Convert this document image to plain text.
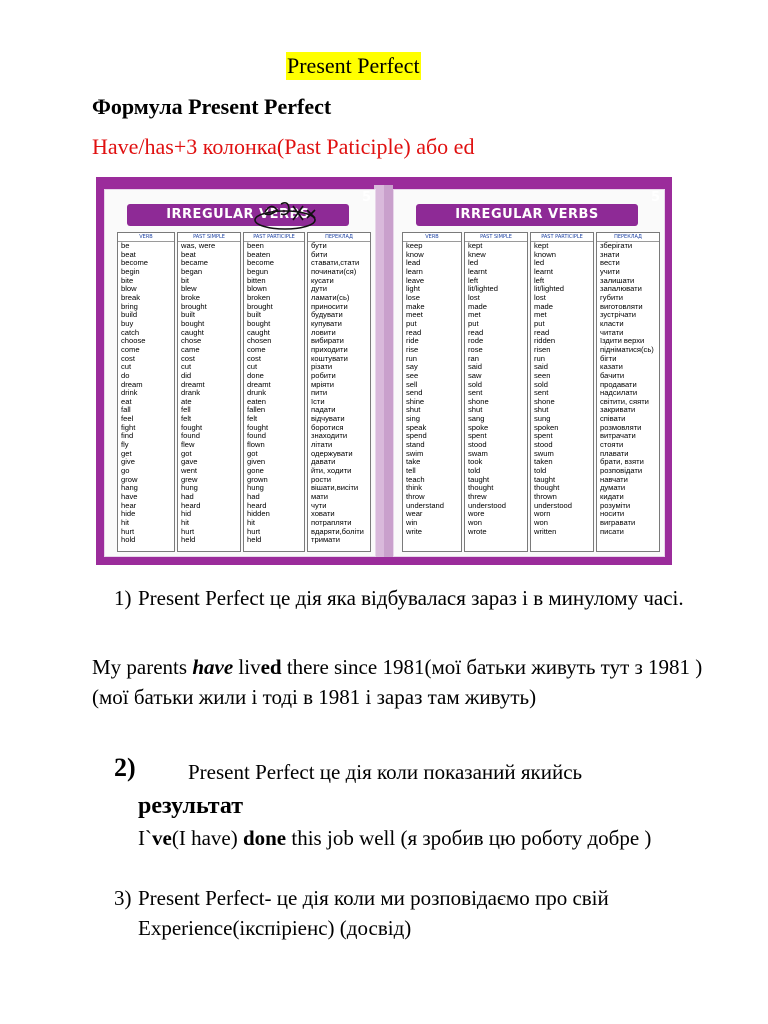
Present Perfect
Формула Present Perfect
Have/has+3 колонка(Past Paticiple) або ed
IRREGULAR VERBS
5
VERB
be
beat
become
begin
bite
blow
break
bring
build
buy
catch
choose
come
cost
cut
do
dream
drink
eat
fall
feel
fight
find
fly
get
give
go
grow
hang
have
hear
hide
hit
hurt
hold
PAST SIMPLE
was, were
beat
became
began
bit
blew
broke
brought
built
bought
caught
chose
came
cost
cut
did
dreamt
drank
ate
fell
felt
fought
found
flew
got
gave
went
grew
hung
had
heard
hid
hit
hurt
held
PAST PARTICIPLE
been
beaten
become
begun
bitten
blown
broken
brought
built
bought
caught
chosen
come
cost
cut
done
dreamt
drunk
eaten
fallen
felt
fought
found
flown
got
given
gone
grown
hung
had
heard
hidden
hit
hurt
held
ПЕРЕКЛАД
бути
бити
ставати,стати
починати(ся)
кусати
дути
ламати(сь)
приносити
будувати
купувати
ловити
вибирати
приходити
коштувати
різати
робити
мріяти
пити
їсти
падати
відчувати
боротися
знаходити
літати
одержувати
давати
йти, ходити
рости
вішати,висіти
мати
чути
ховати
потрапляти
вдаряти,боліти
тримати
IRREGULAR VERBS
5
VERB
keep
know
lead
learn
leave
light
lose
make
meet
put
read
ride
rise
run
say
see
sell
send
shine
shut
sing
speak
spend
stand
swim
take
tell
teach
think
throw
understand
wear
win
write
PAST SIMPLE
kept
knew
led
learnt
left
lit/lighted
lost
made
met
put
read
rode
rose
ran
said
saw
sold
sent
shone
shut
sang
spoke
spent
stood
swam
took
told
taught
thought
threw
understood
wore
won
wrote
PAST PARTICIPLE
kept
known
led
learnt
left
lit/lighted
lost
made
met
put
read
ridden
risen
run
said
seen
sold
sent
shone
shut
sung
spoken
spent
stood
swum
taken
told
taught
thought
thrown
understood
worn
won
written
ПЕРЕКЛАД
зберігати
знати
вести
учити
залишати
запалювати
губити
виготовляти
зустрічати
класти
читати
їздити верхи
підніматися(сь)
бігти
казати
бачити
продавати
надсилати
світити, сяяти
закривати
співати
розмовляти
витрачати
стояти
плавати
брати, взяти
розповідати
навчати
думати
кидати
розуміти
носити
вигравати
писати
1) Present Perfect це дія яка відбувалася зараз і в минулому часі.
My parents have lived there since 1981(мої батьки живуть тут з 1981 )(мої батьки жили і тоді в 1981 і зараз там живуть)
2) Present Perfect це дія коли показаний якийсь
результат
I`ve(I have) done this job well (я зробив цю роботу добре )
3) Present Perfect- це дія коли ми розповідаємо про свій Experience(ікспіріенс) (досвід)
